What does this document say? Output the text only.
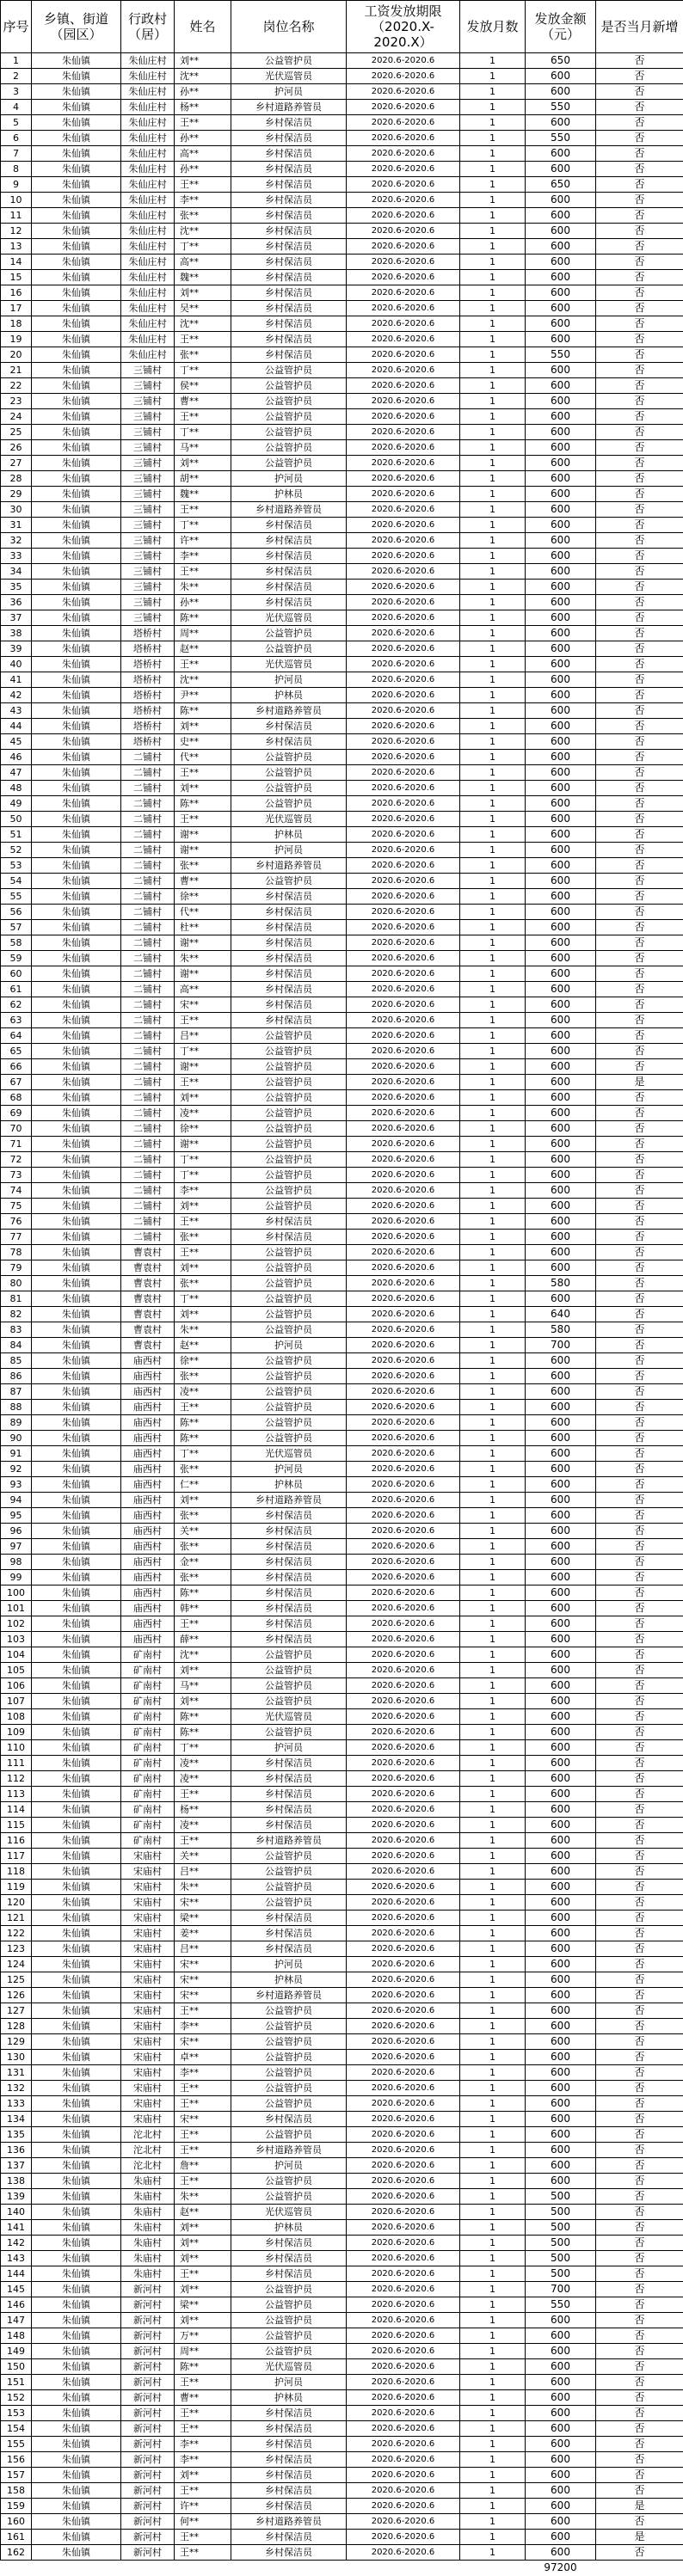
序号	乡镇、街道（园区）	行政村（居）	姓名	岗位名称	工资发放期限（2020.X-2020.X）	发放月数	发放金额（元）	是否当月新增
1	朱仙镇	朱仙庄村	刘**	公益管护员	2020.6-2020.6	1	650	否
2	朱仙镇	朱仙庄村	沈**	光伏巡管员	2020.6-2020.6	1	600	否
3	朱仙镇	朱仙庄村	孙**	护河员	2020.6-2020.6	1	600	否
4	朱仙镇	朱仙庄村	杨**	乡村道路养管员	2020.6-2020.6	1	550	否
5	朱仙镇	朱仙庄村	王**	乡村保洁员	2020.6-2020.6	1	600	否
6	朱仙镇	朱仙庄村	孙**	乡村保洁员	2020.6-2020.6	1	550	否
7	朱仙镇	朱仙庄村	高**	乡村保洁员	2020.6-2020.6	1	600	否
8	朱仙镇	朱仙庄村	孙**	乡村保洁员	2020.6-2020.6	1	600	否
9	朱仙镇	朱仙庄村	王**	乡村保洁员	2020.6-2020.6	1	650	否
10	朱仙镇	朱仙庄村	李**	乡村保洁员	2020.6-2020.6	1	600	否
11	朱仙镇	朱仙庄村	张**	乡村保洁员	2020.6-2020.6	1	600	否
12	朱仙镇	朱仙庄村	沈**	乡村保洁员	2020.6-2020.6	1	600	否
13	朱仙镇	朱仙庄村	丁**	乡村保洁员	2020.6-2020.6	1	600	否
14	朱仙镇	朱仙庄村	高**	乡村保洁员	2020.6-2020.6	1	600	否
15	朱仙镇	朱仙庄村	魏**	乡村保洁员	2020.6-2020.6	1	600	否
16	朱仙镇	朱仙庄村	刘**	乡村保洁员	2020.6-2020.6	1	600	否
17	朱仙镇	朱仙庄村	吴**	乡村保洁员	2020.6-2020.6	1	600	否
18	朱仙镇	朱仙庄村	沈**	乡村保洁员	2020.6-2020.6	1	600	否
19	朱仙镇	朱仙庄村	王**	乡村保洁员	2020.6-2020.6	1	600	否
20	朱仙镇	朱仙庄村	张**	乡村保洁员	2020.6-2020.6	1	550	否
21	朱仙镇	三铺村	丁**	公益管护员	2020.6-2020.6	1	600	否
22	朱仙镇	三铺村	侯**	公益管护员	2020.6-2020.6	1	600	否
23	朱仙镇	三铺村	曹**	公益管护员	2020.6-2020.6	1	600	否
24	朱仙镇	三铺村	王**	公益管护员	2020.6-2020.6	1	600	否
25	朱仙镇	三铺村	丁**	公益管护员	2020.6-2020.6	1	600	否
26	朱仙镇	三铺村	马**	公益管护员	2020.6-2020.6	1	600	否
27	朱仙镇	三铺村	刘**	公益管护员	2020.6-2020.6	1	600	否
28	朱仙镇	三铺村	胡**	护河员	2020.6-2020.6	1	600	否
29	朱仙镇	三铺村	魏**	护林员	2020.6-2020.6	1	600	否
30	朱仙镇	三铺村	王**	乡村道路养管员	2020.6-2020.6	1	600	否
31	朱仙镇	三铺村	丁**	乡村保洁员	2020.6-2020.6	1	600	否
32	朱仙镇	三铺村	许**	乡村保洁员	2020.6-2020.6	1	600	否
33	朱仙镇	三铺村	李**	乡村保洁员	2020.6-2020.6	1	600	否
34	朱仙镇	三铺村	王**	乡村保洁员	2020.6-2020.6	1	600	否
35	朱仙镇	三铺村	朱**	乡村保洁员	2020.6-2020.6	1	600	否
36	朱仙镇	三铺村	孙**	乡村保洁员	2020.6-2020.6	1	600	否
37	朱仙镇	三铺村	陈**	光伏巡管员	2020.6-2020.6	1	600	否
38	朱仙镇	塔桥村	周**	公益管护员	2020.6-2020.6	1	600	否
39	朱仙镇	塔桥村	赵**	公益管护员	2020.6-2020.6	1	600	否
40	朱仙镇	塔桥村	王**	光伏巡管员	2020.6-2020.6	1	600	否
41	朱仙镇	塔桥村	沈**	护河员	2020.6-2020.6	1	600	否
42	朱仙镇	塔桥村	尹**	护林员	2020.6-2020.6	1	600	否
43	朱仙镇	塔桥村	陈**	乡村道路养管员	2020.6-2020.6	1	600	否
44	朱仙镇	塔桥村	刘**	乡村保洁员	2020.6-2020.6	1	600	否
45	朱仙镇	塔桥村	史**	乡村保洁员	2020.6-2020.6	1	600	否
46	朱仙镇	二铺村	代**	公益管护员	2020.6-2020.6	1	600	否
47	朱仙镇	二铺村	王**	公益管护员	2020.6-2020.6	1	600	否
48	朱仙镇	二铺村	刘**	公益管护员	2020.6-2020.6	1	600	否
49	朱仙镇	二铺村	陈**	公益管护员	2020.6-2020.6	1	600	否
50	朱仙镇	二铺村	王**	光伏巡管员	2020.6-2020.6	1	600	否
51	朱仙镇	二铺村	谢**	护林员	2020.6-2020.6	1	600	否
52	朱仙镇	二铺村	谢**	护河员	2020.6-2020.6	1	600	否
53	朱仙镇	二铺村	张**	乡村道路养管员	2020.6-2020.6	1	600	否
54	朱仙镇	二铺村	曹**	公益管护员	2020.6-2020.6	1	600	否
55	朱仙镇	二铺村	徐**	乡村保洁员	2020.6-2020.6	1	600	否
56	朱仙镇	二铺村	代**	乡村保洁员	2020.6-2020.6	1	600	否
57	朱仙镇	二铺村	杜**	乡村保洁员	2020.6-2020.6	1	600	否
58	朱仙镇	二铺村	谢**	乡村保洁员	2020.6-2020.6	1	600	否
59	朱仙镇	二铺村	朱**	乡村保洁员	2020.6-2020.6	1	600	否
60	朱仙镇	二铺村	谢**	乡村保洁员	2020.6-2020.6	1	600	否
61	朱仙镇	二铺村	高**	乡村保洁员	2020.6-2020.6	1	600	否
62	朱仙镇	二铺村	宋**	乡村保洁员	2020.6-2020.6	1	600	否
63	朱仙镇	二铺村	王**	乡村保洁员	2020.6-2020.6	1	600	否
64	朱仙镇	二铺村	吕**	公益管护员	2020.6-2020.6	1	600	否
65	朱仙镇	二铺村	丁**	公益管护员	2020.6-2020.6	1	600	否
66	朱仙镇	二铺村	谢**	公益管护员	2020.6-2020.6	1	600	否
67	朱仙镇	二铺村	王**	公益管护员	2020.6-2020.6	1	600	是
68	朱仙镇	二铺村	刘**	公益管护员	2020.6-2020.6	1	600	否
69	朱仙镇	二铺村	凌**	公益管护员	2020.6-2020.6	1	600	否
70	朱仙镇	二铺村	徐**	公益管护员	2020.6-2020.6	1	600	否
71	朱仙镇	二铺村	谢**	公益管护员	2020.6-2020.6	1	600	否
72	朱仙镇	二铺村	丁**	公益管护员	2020.6-2020.6	1	600	否
73	朱仙镇	二铺村	丁**	公益管护员	2020.6-2020.6	1	600	否
74	朱仙镇	二铺村	李**	公益管护员	2020.6-2020.6	1	600	否
75	朱仙镇	二铺村	刘**	公益管护员	2020.6-2020.6	1	600	否
76	朱仙镇	二铺村	王**	乡村保洁员	2020.6-2020.6	1	600	否
77	朱仙镇	二铺村	张**	乡村保洁员	2020.6-2020.6	1	600	否
78	朱仙镇	曹袁村	王**	公益管护员	2020.6-2020.6	1	600	否
79	朱仙镇	曹袁村	刘**	公益管护员	2020.6-2020.6	1	600	否
80	朱仙镇	曹袁村	张**	公益管护员	2020.6-2020.6	1	580	否
81	朱仙镇	曹袁村	丁**	公益管护员	2020.6-2020.6	1	600	否
82	朱仙镇	曹袁村	刘**	公益管护员	2020.6-2020.6	1	640	否
83	朱仙镇	曹袁村	朱**	公益管护员	2020.6-2020.6	1	580	否
84	朱仙镇	曹袁村	赵**	护河员	2020.6-2020.6	1	700	否
85	朱仙镇	庙西村	徐**	公益管护员	2020.6-2020.6	1	600	否
86	朱仙镇	庙西村	张**	公益管护员	2020.6-2020.6	1	600	否
87	朱仙镇	庙西村	凌**	公益管护员	2020.6-2020.6	1	600	否
88	朱仙镇	庙西村	王**	公益管护员	2020.6-2020.6	1	600	否
89	朱仙镇	庙西村	陈**	公益管护员	2020.6-2020.6	1	600	否
90	朱仙镇	庙西村	陈**	公益管护员	2020.6-2020.6	1	600	否
91	朱仙镇	庙西村	丁**	光伏巡管员	2020.6-2020.6	1	600	否
92	朱仙镇	庙西村	张**	护河员	2020.6-2020.6	1	600	否
93	朱仙镇	庙西村	仁**	护林员	2020.6-2020.6	1	600	否
94	朱仙镇	庙西村	刘**	乡村道路养管员	2020.6-2020.6	1	600	否
95	朱仙镇	庙西村	张**	乡村保洁员	2020.6-2020.6	1	600	否
96	朱仙镇	庙西村	关**	乡村保洁员	2020.6-2020.6	1	600	否
97	朱仙镇	庙西村	张**	乡村保洁员	2020.6-2020.6	1	600	否
98	朱仙镇	庙西村	金**	乡村保洁员	2020.6-2020.6	1	600	否
99	朱仙镇	庙西村	张**	乡村保洁员	2020.6-2020.6	1	600	否
100	朱仙镇	庙西村	陈**	乡村保洁员	2020.6-2020.6	1	600	否
101	朱仙镇	庙西村	韩**	乡村保洁员	2020.6-2020.6	1	600	否
102	朱仙镇	庙西村	王**	乡村保洁员	2020.6-2020.6	1	600	否
103	朱仙镇	庙西村	薛**	乡村保洁员	2020.6-2020.6	1	600	否
104	朱仙镇	矿南村	沈**	公益管护员	2020.6-2020.6	1	600	否
105	朱仙镇	矿南村	刘**	公益管护员	2020.6-2020.6	1	600	否
106	朱仙镇	矿南村	马**	公益管护员	2020.6-2020.6	1	600	否
107	朱仙镇	矿南村	刘**	公益管护员	2020.6-2020.6	1	600	否
108	朱仙镇	矿南村	陈**	光伏巡管员	2020.6-2020.6	1	600	否
109	朱仙镇	矿南村	陈**	公益管护员	2020.6-2020.6	1	600	否
110	朱仙镇	矿南村	丁**	护河员	2020.6-2020.6	1	600	否
111	朱仙镇	矿南村	凌**	乡村保洁员	2020.6-2020.6	1	600	否
112	朱仙镇	矿南村	凌**	乡村保洁员	2020.6-2020.6	1	600	否
113	朱仙镇	矿南村	王**	乡村保洁员	2020.6-2020.6	1	600	否
114	朱仙镇	矿南村	杨**	乡村保洁员	2020.6-2020.6	1	600	否
115	朱仙镇	矿南村	凌**	乡村保洁员	2020.6-2020.6	1	600	否
116	朱仙镇	矿南村	王**	乡村道路养管员	2020.6-2020.6	1	600	否
117	朱仙镇	宋庙村	关**	公益管护员	2020.6-2020.6	1	600	否
118	朱仙镇	宋庙村	吕**	公益管护员	2020.6-2020.6	1	600	否
119	朱仙镇	宋庙村	朱**	公益管护员	2020.6-2020.6	1	600	否
120	朱仙镇	宋庙村	宋**	公益管护员	2020.6-2020.6	1	600	否
121	朱仙镇	宋庙村	梁**	乡村保洁员	2020.6-2020.6	1	600	否
122	朱仙镇	宋庙村	姜**	乡村保洁员	2020.6-2020.6	1	600	否
123	朱仙镇	宋庙村	吕**	乡村保洁员	2020.6-2020.6	1	600	否
124	朱仙镇	宋庙村	宋**	护河员	2020.6-2020.6	1	600	否
125	朱仙镇	宋庙村	宋**	护林员	2020.6-2020.6	1	600	否
126	朱仙镇	宋庙村	宋**	乡村道路养管员	2020.6-2020.6	1	600	否
127	朱仙镇	宋庙村	王**	公益管护员	2020.6-2020.6	1	600	否
128	朱仙镇	宋庙村	李**	公益管护员	2020.6-2020.6	1	600	否
129	朱仙镇	宋庙村	宋**	公益管护员	2020.6-2020.6	1	600	否
130	朱仙镇	宋庙村	卓**	公益管护员	2020.6-2020.6	1	600	否
131	朱仙镇	宋庙村	李**	公益管护员	2020.6-2020.6	1	600	否
132	朱仙镇	宋庙村	王**	公益管护员	2020.6-2020.6	1	600	否
133	朱仙镇	宋庙村	王**	公益管护员	2020.6-2020.6	1	600	否
134	朱仙镇	宋庙村	宋**	乡村保洁员	2020.6-2020.6	1	600	否
135	朱仙镇	沱北村	王**	公益管护员	2020.6-2020.6	1	600	否
136	朱仙镇	沱北村	王**	乡村道路养管员	2020.6-2020.6	1	600	否
137	朱仙镇	沱北村	詹**	护河员	2020.6-2020.6	1	600	否
138	朱仙镇	朱庙村	王**	公益管护员	2020.6-2020.6	1	600	否
139	朱仙镇	朱庙村	朱**	公益管护员	2020.6-2020.6	1	500	否
140	朱仙镇	朱庙村	赵**	光伏巡管员	2020.6-2020.6	1	500	否
141	朱仙镇	朱庙村	刘**	护林员	2020.6-2020.6	1	500	否
142	朱仙镇	朱庙村	刘**	乡村保洁员	2020.6-2020.6	1	500	否
143	朱仙镇	朱庙村	刘**	乡村保洁员	2020.6-2020.6	1	500	否
144	朱仙镇	朱庙村	王**	乡村保洁员	2020.6-2020.6	1	500	否
145	朱仙镇	新河村	刘**	公益管护员	2020.6-2020.6	1	700	否
146	朱仙镇	新河村	梁**	公益管护员	2020.6-2020.6	1	550	否
147	朱仙镇	新河村	刘**	公益管护员	2020.6-2020.6	1	600	否
148	朱仙镇	新河村	万**	公益管护员	2020.6-2020.6	1	600	否
149	朱仙镇	新河村	周**	公益管护员	2020.6-2020.6	1	600	否
150	朱仙镇	新河村	陈**	光伏巡管员	2020.6-2020.6	1	600	否
151	朱仙镇	新河村	王**	护河员	2020.6-2020.6	1	600	否
152	朱仙镇	新河村	曹**	护林员	2020.6-2020.6	1	600	否
153	朱仙镇	新河村	王**	乡村保洁员	2020.6-2020.6	1	600	否
154	朱仙镇	新河村	王**	乡村保洁员	2020.6-2020.6	1	600	否
155	朱仙镇	新河村	李**	乡村保洁员	2020.6-2020.6	1	600	否
156	朱仙镇	新河村	李**	乡村保洁员	2020.6-2020.6	1	600	否
157	朱仙镇	新河村	刘**	乡村保洁员	2020.6-2020.6	1	600	否
158	朱仙镇	新河村	王**	乡村保洁员	2020.6-2020.6	1	600	否
159	朱仙镇	新河村	许**	乡村保洁员	2020.6-2020.6	1	600	是
160	朱仙镇	新河村	何**	乡村道路养管员	2020.6-2020.6	1	600	否
161	朱仙镇	新河村	王**	乡村保洁员	2020.6-2020.6	1	600	是
162	朱仙镇	新河村	王**	乡村保洁员	2020.6-2020.6	1	600	否
							97200	
